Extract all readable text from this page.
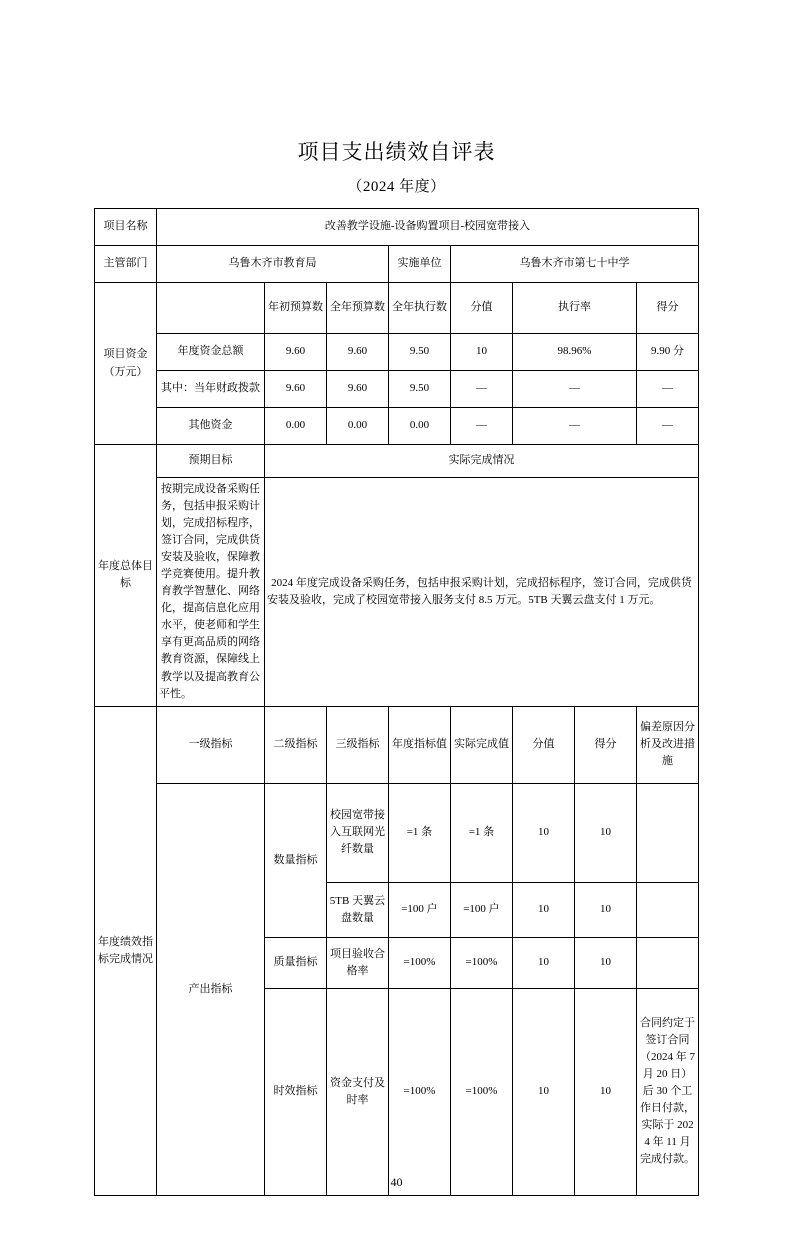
项目支出绩效自评表
（2024 年度）
项目名称	改善教学设施-设备购置项目-校园宽带接入							
主管部门	乌鲁木齐市教育局			实施单位	乌鲁木齐市第七十中学			

项目资金
（万元）		年初预算数	全年预算数	全年执行数	分值	执行率		得分
	年度资金总额	9.60	9.60	9.50	10	98.96%		9.90 分
	其中：当年财政拨款	9.60	9.60	9.50	—	—		—
	其他资金	0.00	0.00	0.00	—	—		—
年度总体目标	预期目标	实际完成情况						
	按期完成设备采购任务，包括申报采购计划，完成招标程序，签订合同，完成供货安装及验收，保障教学竞赛使用。提升教育教学智慧化、网络化，提高信息化应用水平，使老师和学生享有更高品质的网络教育资源，保障线上教学以及提高教育公平性。	2024 年度完成设备采购任务，包括申报采购计划，完成招标程序，签订合同，完成供货安装及验收，完成了校园宽带接入服务支付 8.5 万元。5TB 天翼云盘支付 1 万元。						
年度绩效指标完成情况	一级指标	二级指标	三级指标	年度指标值	实际完成值	分值	得分	偏差原因分析及改进措施
	产出指标	数量指标	校园宽带接入互联网光纤数量	=1 条	=1 条	10	10	
			5TB 天翼云盘数量	=100 户	=100 户	10	10	
		质量指标	项目验收合格率	=100%	=100%	10	10	
		时效指标	资金支付及时率	=100%	=100%	10	10	合同约定于签订合同（2024 年 7 月 20 日）后 30 个工作日付款，实际于 2024 年 11 月完成付款。
40
